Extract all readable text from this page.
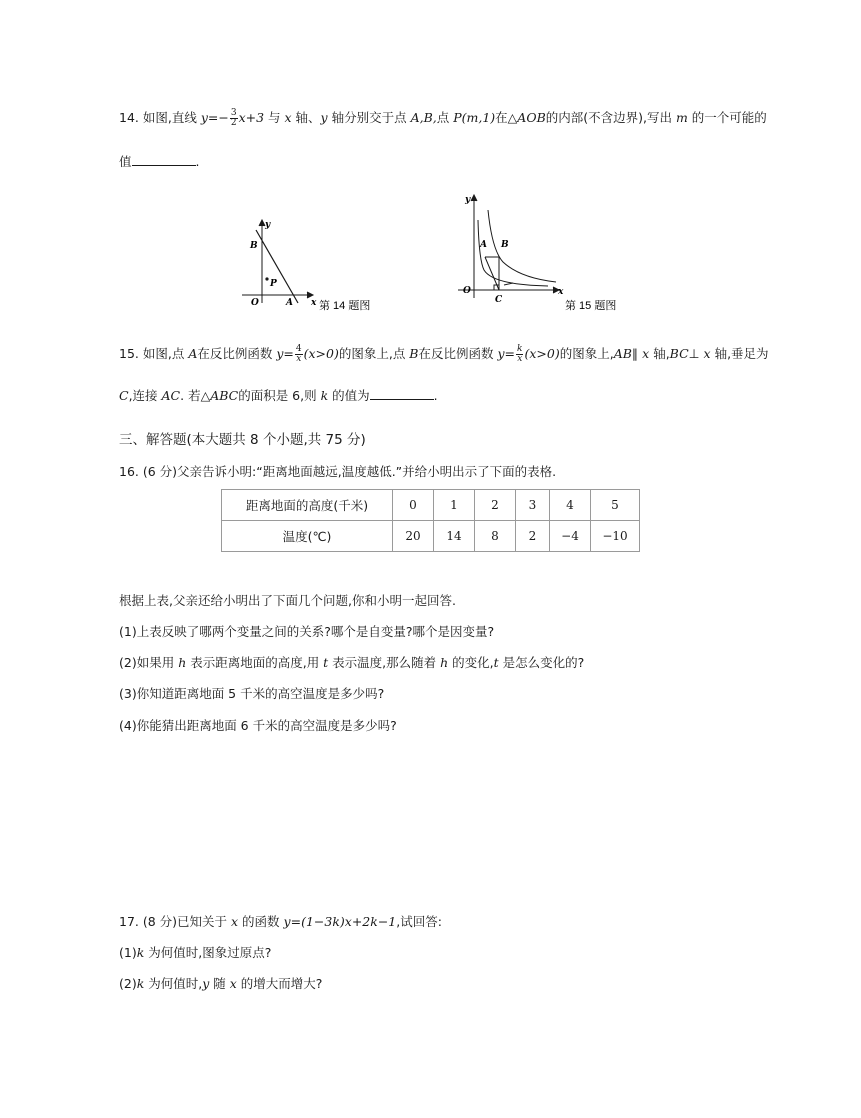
14. 如图,直线 $y=- \frac{3}{2} x+3$ 与 x 轴、y 轴分别交于点 A,B,点 P(m,1)在△AOB的内部(不含边界),写出 m 的一个可能的
值	.
y
B
P
O	A x 第 14 题图
y
A B
O
C
x
第 15 题图
15. 如图,点 A在反比例函数 $y= \frac{4}{x} (x>0)$的图象上,点 B在反比例函数 $y= \frac{k}{x} (x>0)$的图象上,AB∥ x 轴,BC⊥ x 轴,垂足为
C,连接 AC. 若△ABC的面积是 6,则 k 的值为	.
三、解答题(本大题共 8 个小题,共 75 分)
16. (6 分)父亲告诉小明:“距离地面越远,温度越低.”并给小明出示了下面的表格.
距离地面的高度(千米)	0	1	2	3	4	5
温度(℃)	20	14	8	2	−4	−10
根据上表,父亲还给小明出了下面几个问题,你和小明一起回答.
(1)上表反映了哪两个变量之间的关系?哪个是自变量?哪个是因变量?
(2)如果用 h 表示距离地面的高度,用 t 表示温度,那么随着 h 的变化,t 是怎么变化的?
(3)你知道距离地面 5 千米的高空温度是多少吗?
(4)你能猜出距离地面 6 千米的高空温度是多少吗?
17. (8 分)已知关于 x 的函数 y=(1−3k)x+2k−1,试回答:
(1)k 为何值时,图象过原点?
(2)k 为何值时,y 随 x 的增大而增大?
